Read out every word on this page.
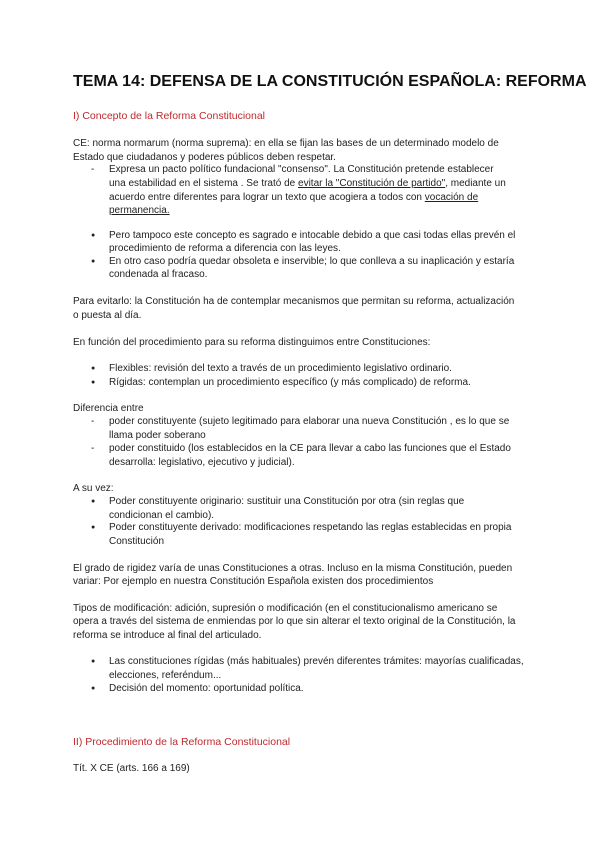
TEMA 14: DEFENSA DE LA CONSTITUCIÓN ESPAÑOLA: REFORMA
I) Concepto de la Reforma Constitucional
CE: norma normarum (norma suprema): en ella se fijan las bases de un determinado modelo de
Estado que ciudadanos y poderes públicos deben respetar.
- Expresa un pacto político fundacional "consenso". La Constitución pretende establecer
una estabilidad en el sistema . Se trató de evitar la "Constitución de partido", mediante un
acuerdo entre diferentes para lograr un texto que acogiera a todos con vocación de
permanencia.
● Pero tampoco este concepto es sagrado e intocable debido a que casi todas ellas prevén el
procedimiento de reforma a diferencia con las leyes.
● En otro caso podría quedar obsoleta e inservible; lo que conlleva a su inaplicación y estaría
condenada al fracaso.
Para evitarlo: la Constitución ha de contemplar mecanismos que permitan su reforma, actualización
o puesta al día.
En función del procedimiento para su reforma distinguimos entre Constituciones:
● Flexibles: revisión del texto a través de un procedimiento legislativo ordinario.
● Rígidas: contemplan un procedimiento específico (y más complicado) de reforma.
Diferencia entre
- poder constituyente (sujeto legitimado para elaborar una nueva Constitución , es lo que se
llama poder soberano
- poder constituido (los establecidos en la CE para llevar a cabo las funciones que el Estado
desarrolla: legislativo, ejecutivo y judicial).
A su vez:
● Poder constituyente originario: sustituir una Constitución por otra (sin reglas que
condicionan el cambio).
● Poder constituyente derivado: modificaciones respetando las reglas establecidas en propia
Constitución
El grado de rigidez varía de unas Constituciones a otras. Incluso en la misma Constitución, pueden
variar: Por ejemplo en nuestra Constitución Española existen dos procedimientos
Tipos de modificación: adición, supresión o modificación (en el constitucionalismo americano se
opera a través del sistema de enmiendas por lo que sin alterar el texto original de la Constitución, la
reforma se introduce al final del articulado.
● Las constituciones rígidas (más habituales) prevén diferentes trámites: mayorías cualificadas,
elecciones, referéndum...
● Decisión del momento: oportunidad política.
II) Procedimiento de la Reforma Constitucional
Tít. X CE (arts. 166 a 169)
